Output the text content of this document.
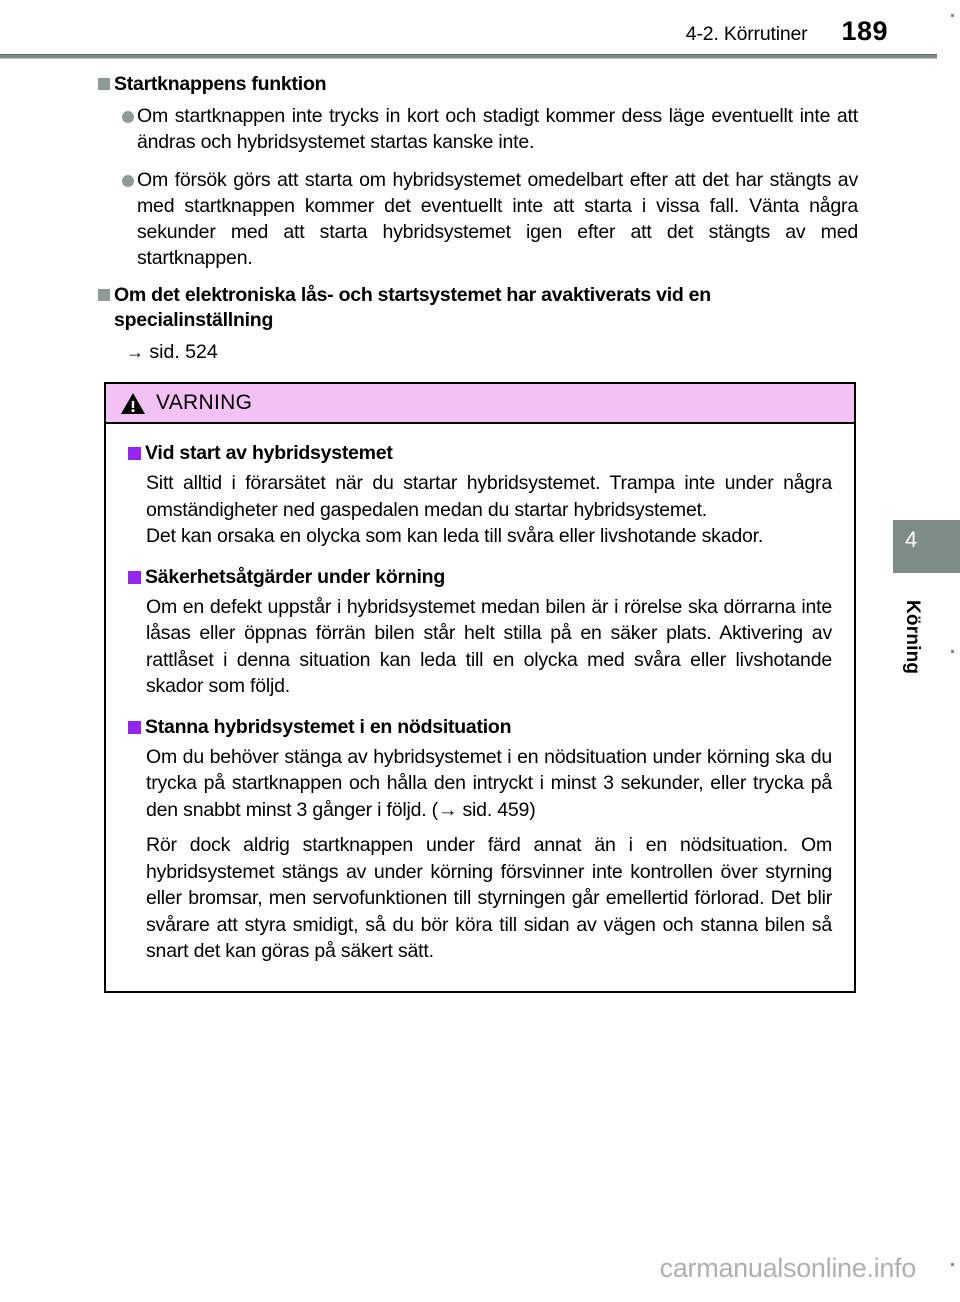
4-2. Körrutiner 189
Startknappens funktion
Om startknappen inte trycks in kort och stadigt kommer dess läge eventuellt inte att ändras och hybridsystemet startas kanske inte.
Om försök görs att starta om hybridsystemet omedelbart efter att det har stängts av med startknappen kommer det eventuellt inte att starta i vissa fall. Vänta några sekunder med att starta hybridsystemet igen efter att det stängts av med startknappen.
Om det elektroniska lås- och startsystemet har avaktiverats vid en specialinställning
→ sid. 524
VARNING
Vid start av hybridsystemet

Sitt alltid i förarsätet när du startar hybridsystemet. Trampa inte under några omständigheter ned gaspedalen medan du startar hybridsystemet.

Det kan orsaka en olycka som kan leda till svåra eller livshotande skador.

Säkerhetsåtgärder under körning

Om en defekt uppstår i hybridsystemet medan bilen är i rörelse ska dörrarna inte låsas eller öppnas förrän bilen står helt stilla på en säker plats. Aktivering av rattlåset i denna situation kan leda till en olycka med svåra eller livshotande skador som följd.

Stanna hybridsystemet i en nödsituation

Om du behöver stänga av hybridsystemet i en nödsituation under körning ska du trycka på startknappen och hålla den intryckt i minst 3 sekunder, eller trycka på den snabbt minst 3 gånger i följd. (→ sid. 459)

Rör dock aldrig startknappen under färd annat än i en nödsituation. Om hybridsystemet stängs av under körning försvinner inte kontrollen över styrning eller bromsar, men servofunktionen till styrningen går emellertid förlorad. Det blir svårare att styra smidigt, så du bör köra till sidan av vägen och stanna bilen så snart det kan göras på säkert sätt.

4
Körning
carmanualsonline.info
